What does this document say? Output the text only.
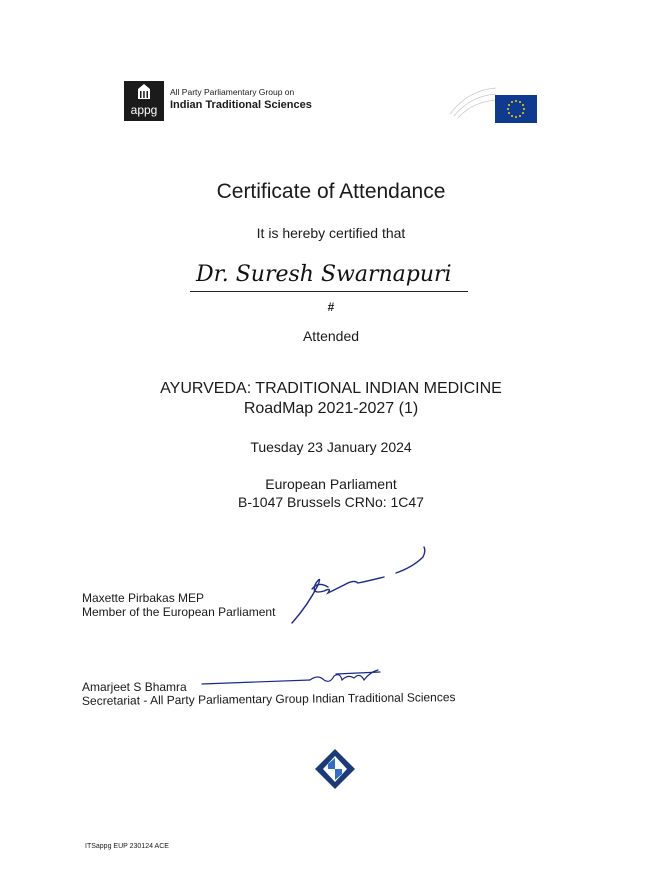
appg
All Party Parliamentary Group on
Indian Traditional Sciences
Certificate of Attendance
It is hereby certified that
Dr. Suresh Swarnapuri
#
Attended
AYURVEDA: TRADITIONAL INDIAN MEDICINE
RoadMap 2021-2027 (1)
Tuesday 23 January 2024
European Parliament
B-1047 Brussels CRNo: 1C47
Maxette Pirbakas MEP
Member of the European Parliament
Amarjeet S Bhamra
Secretariat - All Party Parliamentary Group Indian Traditional Sciences
ITSappg EUP 230124 ACE
